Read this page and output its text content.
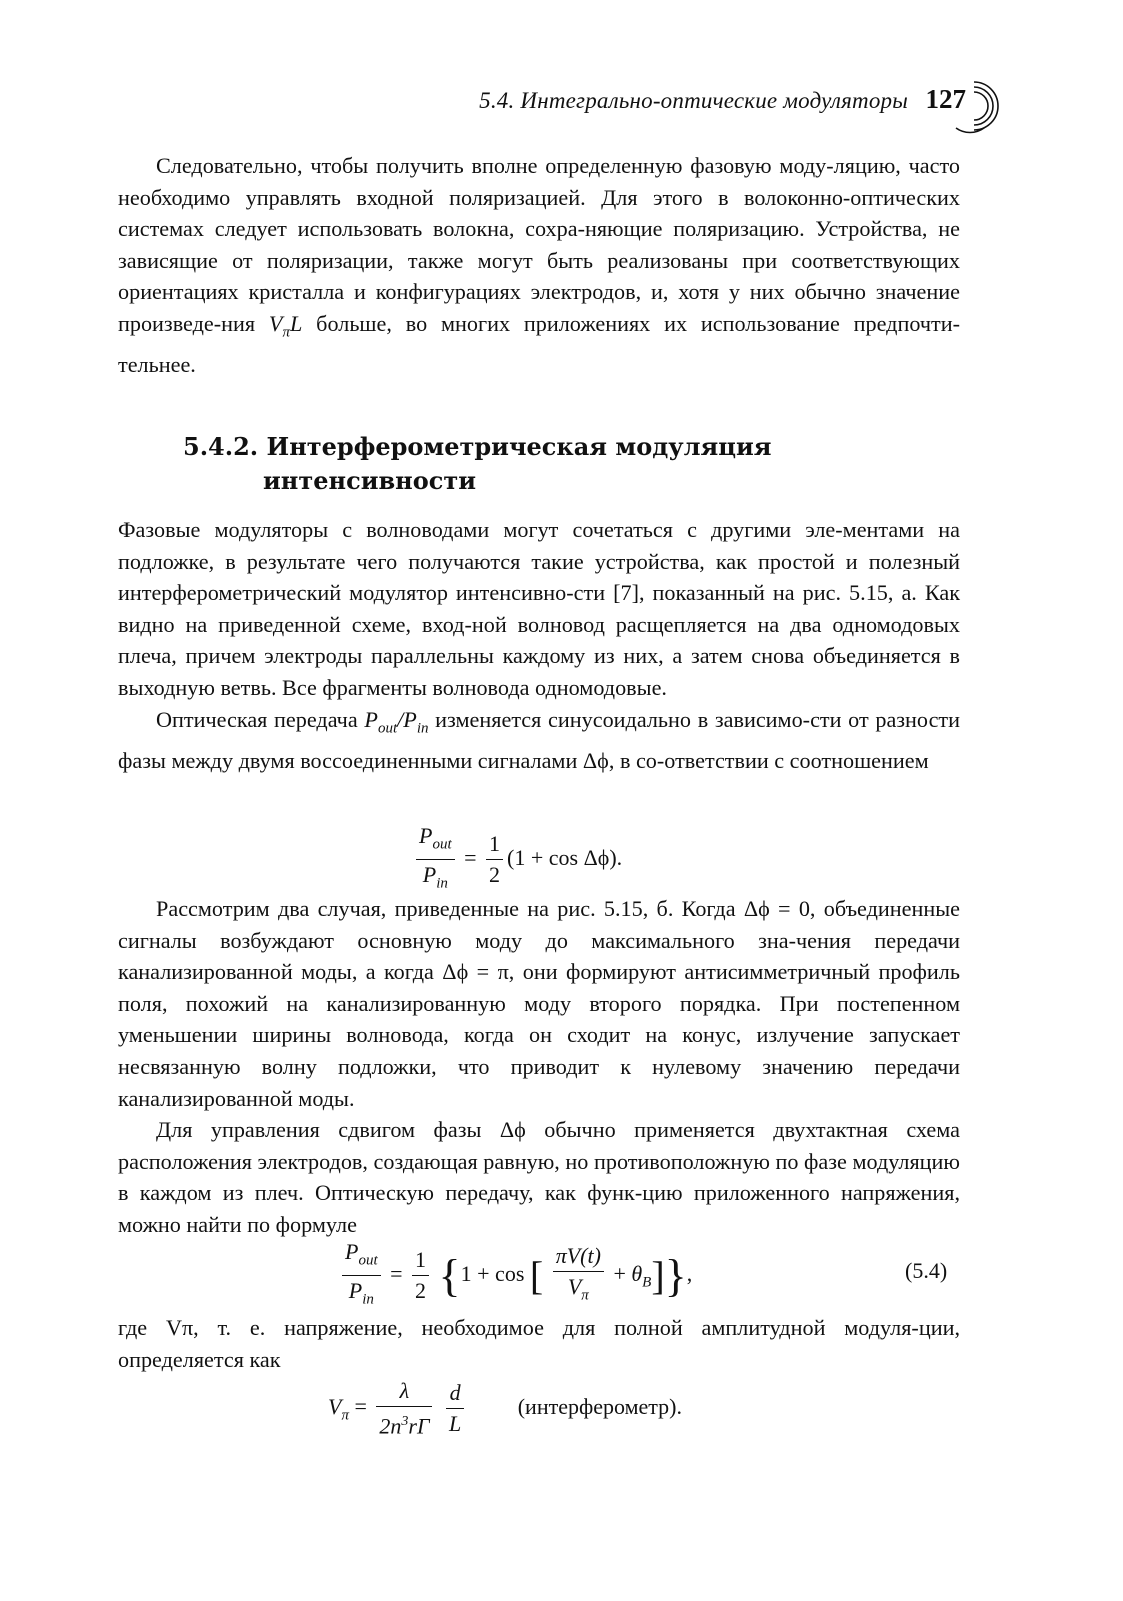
5.4. Интегрально-оптические модуляторы 127

Следовательно, чтобы получить вполне определенную фазовую моду-ляцию, часто необходимо управлять входной поляризацией. Для этого в волоконно-оптических системах следует использовать волокна, сохра-няющие поляризацию. Устройства, не зависящие от поляризации, также могут быть реализованы при соответствующих ориентациях кристалла и конфигурациях электродов, и, хотя у них обычно значение произведе-ния $V_\pi L$ больше, во многих приложениях их использование предпочти-тельнее.

5.4.2. Интерферометрическая модуляция
интенсивности

Фазовые модуляторы с волноводами могут сочетаться с другими эле-ментами на подложке, в результате чего получаются такие устройства, как простой и полезный интерферометрический модулятор интенсивно-сти [7], показанный на рис. 5.15, а. Как видно на приведенной схеме, вход-ной волновод расщепляется на два одномодовых плеча, причем электроды параллельны каждому из них, а затем снова объединяется в выходную ветвь. Все фрагменты волновода одномодовые.

Оптическая передача $P_{out}/P_{in}$ изменяется синусоидально в зависимо-сти от разности фазы между двумя воссоединенными сигналами Δϕ, в со-ответствии с соотношением

$\frac{P_{out}}{P_{in}} = \frac{1}{2} (1 + \cos \Delta\phi)$.

Рассмотрим два случая, приведенные на рис. 5.15, б. Когда Δϕ = 0, объединенные сигналы возбуждают основную моду до максимального зна-чения передачи канализированной моды, а когда Δϕ = π, они формируют антисимметричный профиль поля, похожий на канализированную моду второго порядка. При постепенном уменьшении ширины волновода, когда он сходит на конус, излучение запускает несвязанную волну подложки, что приводит к нулевому значению передачи канализированной моды.

Для управления сдвигом фазы Δϕ обычно применяется двухтактная схема расположения электродов, создающая равную, но противоположную по фазе модуляцию в каждом из плеч. Оптическую передачу, как функ-цию приложенного напряжения, можно найти по формуле

$\frac{P_{out}}{P_{in}} = \frac{1}{2} \{1 + \cos$ [ $\frac{\pi V(t)}{V_\pi} + \theta_B$]},	(5.4)

где Vπ, т. е. напряжение, необходимое для полной амплитудной модуля-ции, определяется как

$V_\pi = \frac{\lambda}{2n^3r\Gamma}$
$\frac{d}{L}$ (интерферометр).
